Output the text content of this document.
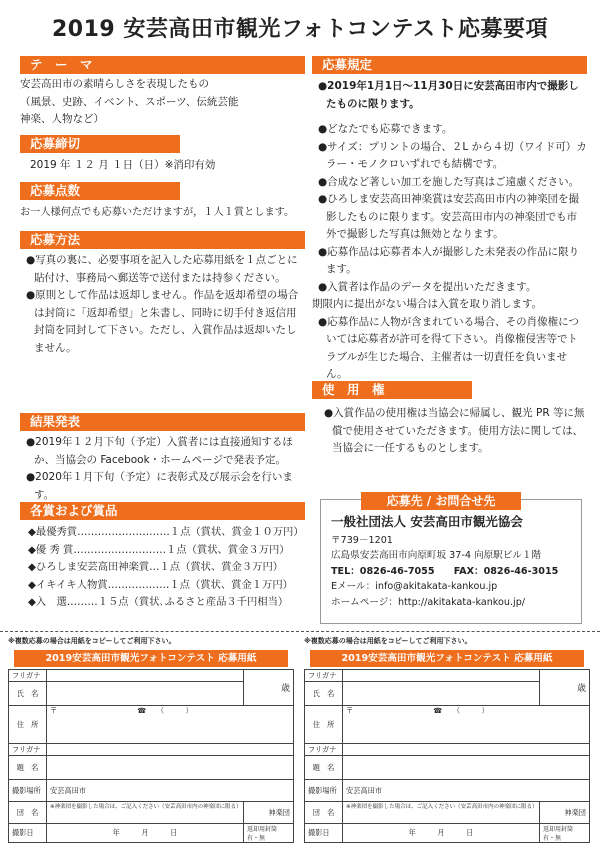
2019 安芸高田市観光フォトコンテスト応募要項
テ　ー　マ
安芸高田市の素晴らしさを表現したもの
（風景、史跡、イベント、スポーツ、伝統芸能
神楽、人物など）
応募締切
2019 年 １２ 月 １日（日）※消印有効
応募点数
お一人様何点でも応募いただけますが，１人１賞とします。
応募方法
●写真の裏に、必要事項を記入した応募用紙を１点ごとに貼付け、事務局へ郵送等で送付または持参ください。
●原則として作品は返却しません。作品を返却希望の場合は封筒に「返却希望」と朱書し、同時に切手付き返信用封筒を同封して下さい。ただし、入賞作品は返却いたしません。
結果発表
●2019年１２月下旬（予定）入賞者には直接通知するほか、当協会の Facebook・ホームページで発表予定。
●2020年１月下旬（予定）に表彰式及び展示会を行います。
各賞および賞品
◆最優秀賞………………………１点（賞状、賞金１０万円）
◆優 秀 賞………………………１点（賞状、賞金３万円）
◆ひろしま安芸高田神楽賞…１点（賞状、賞金３万円）
◆イキイキ人物賞………………１点（賞状、賞金１万円）
◆入　選………１５点（賞状､ふるさと産品３千円相当）
応募規定
●2019年1月1日～11月30日に安芸高田市内で撮影したものに限ります。
●どなたでも応募できます。
●サイズ：プリントの場合、２L から４切（ワイド可）カラー・モノクロいずれでも結構です。
●合成など著しい加工を施した写真はご遠慮ください。
●ひろしま安芸高田神楽賞は安芸高田市内の神楽団を撮影したものに限ります。安芸高田市内の神楽団でも市外で撮影した写真は無効となります。
●応募作品は応募者本人が撮影した未発表の作品に限ります。
●入賞者は作品のデータを提出いただきます。
期限内に提出がない場合は入賞を取り消します。
●応募作品に人物が含まれている場合、その肖像権については応募者が許可を得て下さい。肖像権侵害等でトラブルが生じた場合、主催者は一切責任を負いません。
使　用　権
●入賞作品の使用権は当協会に帰属し、観光 PR 等に無償で使用させていただきます。使用方法に関しては、当協会に一任するものとします。
応募先 / お問合せ先
一般社団法人 安芸高田市観光協会
〒739－1201
広島県安芸高田市向原町坂 37-4 向原駅ビル１階
TEL：0826-46-7055　　FAX：0826-46-3015
Eメール：info@akitakata-kankou.jp
ホームページ：http://akitakata-kankou.jp/
※複数応募の場合は用紙をコピーしてご利用下さい。
2019安芸高田市観光フォトコンテスト 応募用紙
フリガナ		歳
氏　名		
住　所	〒 ☎　　（　　　）	
フリガナ		
題　名		
撮影場所	安芸高田市	
団　名	※神楽団を撮影した場合は、ご記入ください（安芸高田市内の神楽団に限る）	神楽団
撮影日	年　　　月　　　日	返却用封筒　有・無
※複数応募の場合は用紙をコピーしてご利用下さい。
2019安芸高田市観光フォトコンテスト 応募用紙
フリガナ		歳
氏　名		
住　所	〒 ☎　　（　　　）	
フリガナ		
題　名		
撮影場所	安芸高田市	
団　名	※神楽団を撮影した場合は、ご記入ください（安芸高田市内の神楽団に限る）	神楽団
撮影日	年　　　月　　　日	返却用封筒　有・無
